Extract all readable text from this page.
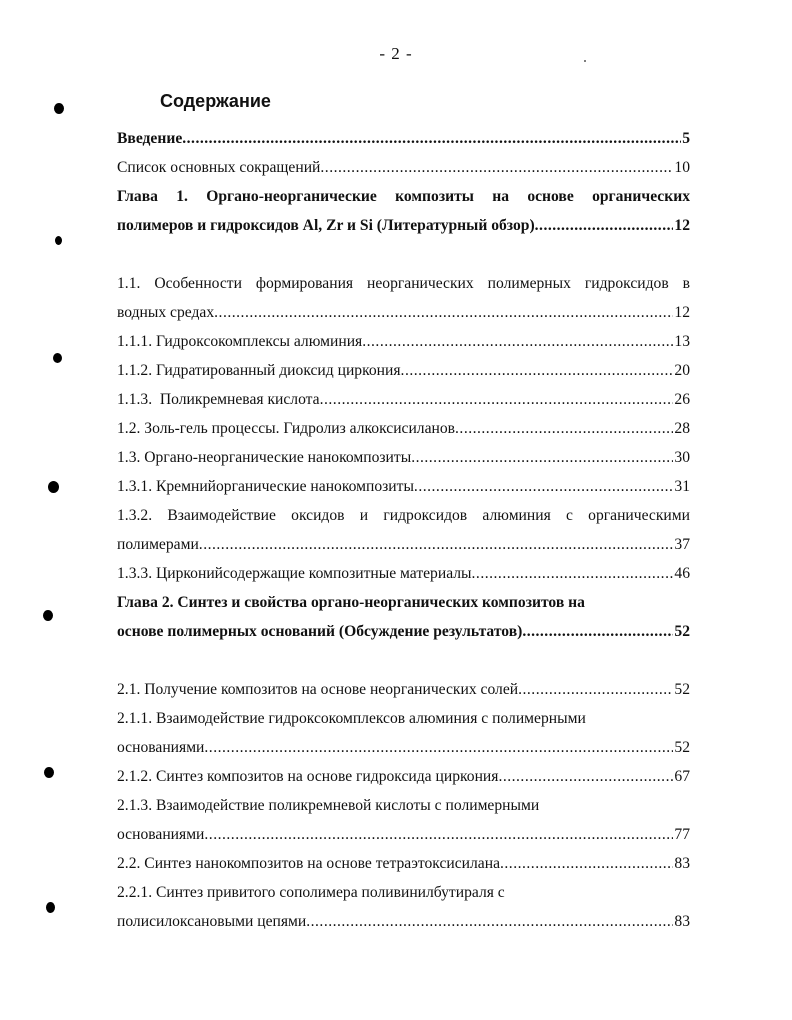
- 2 -
Содержание
Введение .....	5
Список основных сокращений .....	10
Глава 1. Органо-неорганические композиты на основе органических
полимеров и гидроксидов Al, Zr и Si (Литературный обзор) .....	12
1.1. Особенности формирования неорганических полимерных гидроксидов в
водных средах .....	12
1.1.1. Гидроксокомплексы алюминия .....	13
1.1.2. Гидратированный диоксид циркония .....	20
1.1.3.  Поликремневая кислота .....	26
1.2. Золь-гель процессы. Гидролиз алкоксисиланов .....	28
1.3. Органо-неорганические нанокомпозиты .....	30
1.3.1. Кремнийорганические нанокомпозиты .....	31
1.3.2. Взаимодействие оксидов и гидроксидов алюминия с органическими
полимерами .....	37
1.3.3. Цирконийсодержащие композитные материалы .....	46
Глава 2. Синтез и свойства органо-неорганических композитов на
основе полимерных оснований (Обсуждение результатов) .....	52
2.1. Получение композитов на основе неорганических солей .....	52
2.1.1. Взаимодействие гидроксокомплексов алюминия с полимерными
основаниями .....	52
2.1.2. Синтез композитов на основе гидроксида циркония .....	67
2.1.3. Взаимодействие поликремневой кислоты с полимерными
основаниями .....	77
2.2. Синтез нанокомпозитов на основе тетраэтоксисилана .....	83
2.2.1. Синтез привитого сополимера поливинилбутираля с
полисилоксановыми цепями .....	83
